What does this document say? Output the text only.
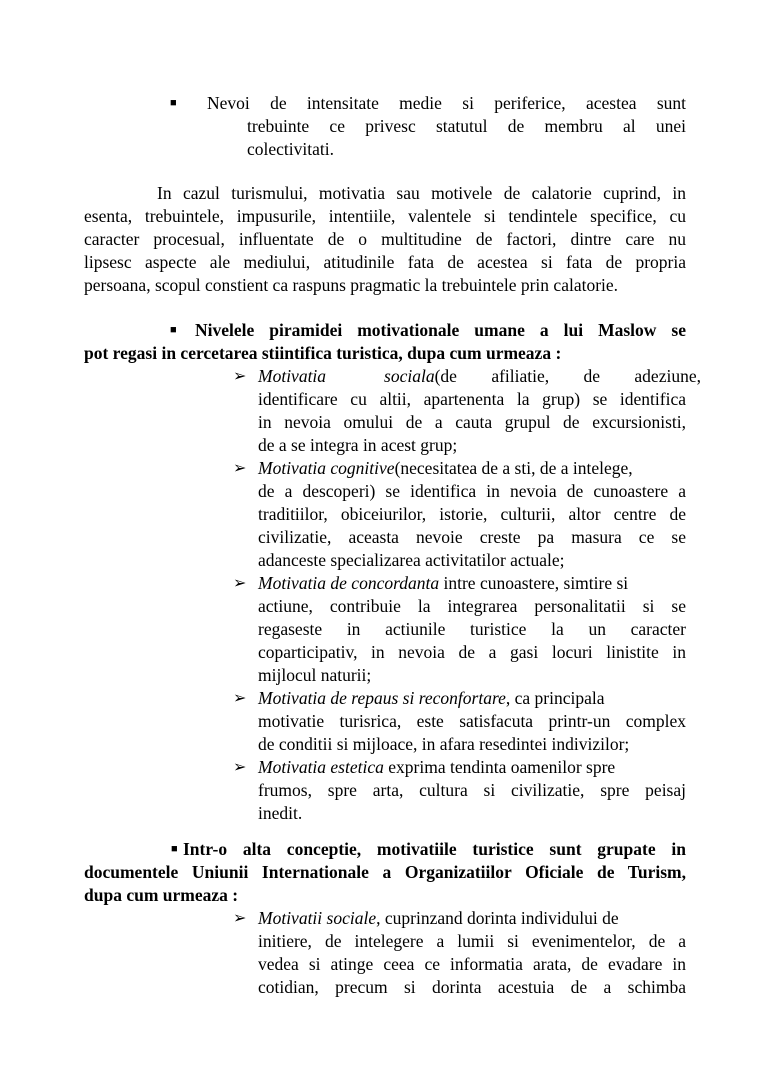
■ Nevoi de intensitate medie si periferice, acestea sunt
trebuinte ce privesc statutul de membru al unei
colectivitati.
In cazul turismului, motivatia sau motivele de calatorie cuprind, in
esenta, trebuintele, impusurile, intentiile, valentele si tendintele specifice, cu
caracter procesual, influentate de o multitudine de factori, dintre care nu
lipsesc aspecte ale mediului, atitudinile fata de acestea si fata de propria
persoana, scopul constient ca raspuns pragmatic la trebuintele prin calatorie.
■ Nivelele piramidei motivationale umane a lui Maslow se
pot regasi in cercetarea stiintifica turistica, dupa cum urmeaza :
➢ Motivatia	sociala(de afiliatie, de adeziune,
identificare cu altii, apartenenta la grup) se identifica
in nevoia omului de a cauta grupul de excursionisti,
de a se integra in acest grup;
➢ Motivatia cognitive(necesitatea de a sti, de a intelege,
de a descoperi) se identifica in nevoia de cunoastere a
traditiilor, obiceiurilor, istorie, culturii, altor centre de
civilizatie, aceasta nevoie creste pa masura ce se
adanceste specializarea activitatilor actuale;
➢ Motivatia de concordanta intre cunoastere, simtire si
actiune, contribuie la integrarea personalitatii si se
regaseste in actiunile turistice la un caracter
coparticipativ, in nevoia de a gasi locuri linistite in
mijlocul naturii;
➢ Motivatia de repaus si reconfortare, ca principala
motivatie turisrica, este satisfacuta printr-un complex
de conditii si mijloace, in afara resedintei indivizilor;
➢ Motivatia estetica exprima tendinta oamenilor spre
frumos, spre arta, cultura si civilizatie, spre peisaj
inedit.
■ Intr-o alta conceptie, motivatiile turistice sunt grupate in
documentele Uniunii Internationale a Organizatiilor Oficiale de Turism,
dupa cum urmeaza :
➢ Motivatii sociale, cuprinzand dorinta individului de
initiere, de intelegere a lumii si evenimentelor, de a
vedea si atinge ceea ce informatia arata, de evadare in
cotidian, precum si dorinta acestuia de a schimba
